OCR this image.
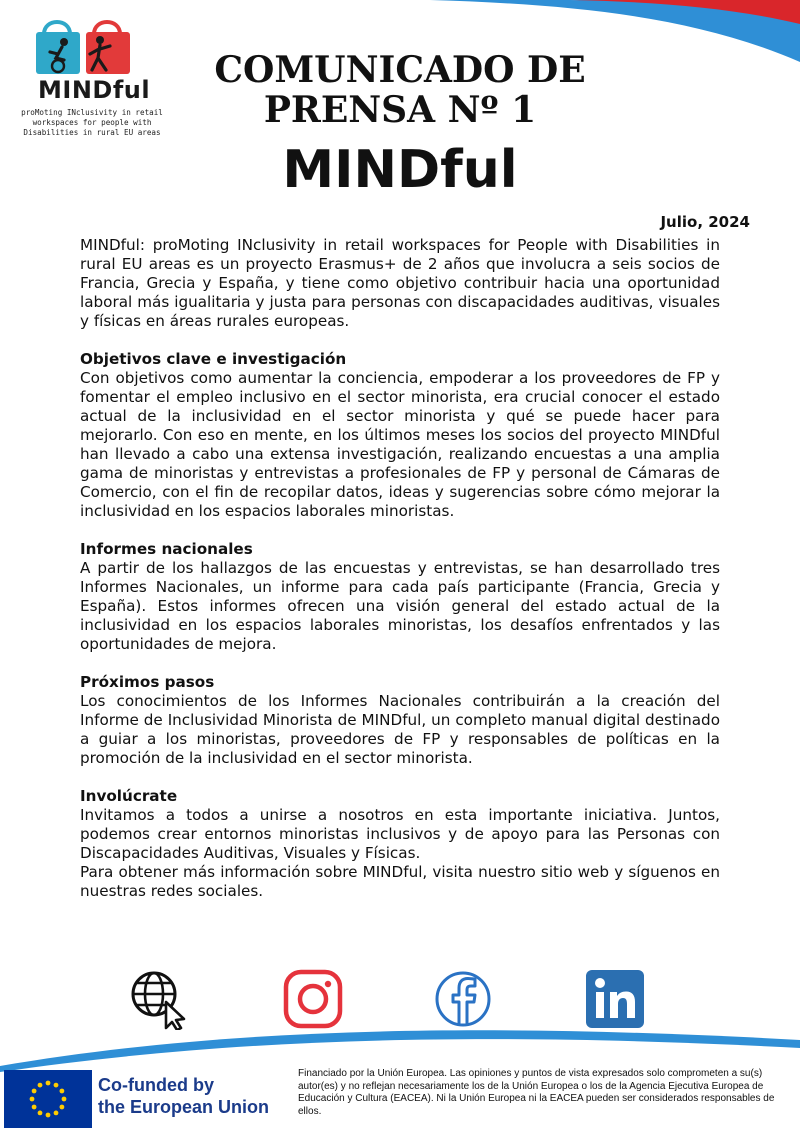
MINDful
proMoting INclusivity in retail
workspaces for people with
Disabilities in rural EU areas
COMUNICADO DE
PRENSA Nº 1
MINDful
Julio, 2024

MINDful: proMoting INclusivity in retail workspaces for People with Disabilities in rural EU areas es un proyecto Erasmus+ de 2 años que involucra a seis socios de Francia, Grecia y España, y tiene como objetivo contribuir hacia una oportunidad laboral más igualitaria y justa para personas con discapacidades auditivas, visuales y físicas en áreas rurales europeas.

Objetivos clave e investigación

Con objetivos como aumentar la conciencia, empoderar a los proveedores de FP y fomentar el empleo inclusivo en el sector minorista, era crucial conocer el estado actual de la inclusividad en el sector minorista y qué se puede hacer para mejorarlo. Con eso en mente, en los últimos meses los socios del proyecto MINDful han llevado a cabo una extensa investigación, realizando encuestas a una amplia gama de minoristas y entrevistas a profesionales de FP y personal de Cámaras de Comercio, con el fin de recopilar datos, ideas y sugerencias sobre cómo mejorar la inclusividad en los espacios laborales minoristas.

Informes nacionales

A partir de los hallazgos de las encuestas y entrevistas, se han desarrollado tres Informes Nacionales, un informe para cada país participante (Francia, Grecia y España). Estos informes ofrecen una visión general del estado actual de la inclusividad en los espacios laborales minoristas, los desafíos enfrentados y las oportunidades de mejora.

Próximos pasos

Los conocimientos de los Informes Nacionales contribuirán a la creación del Informe de Inclusividad Minorista de MINDful, un completo manual digital destinado a guiar a los minoristas, proveedores de FP y responsables de políticas en la promoción de la inclusividad en el sector minorista.

Involúcrate

Invitamos a todos a unirse a nosotros en esta importante iniciativa. Juntos, podemos crear entornos minoristas inclusivos y de apoyo para las Personas con Discapacidades Auditivas, Visuales y Físicas.

Para obtener más información sobre MINDful, visita nuestro sitio web y síguenos en nuestras redes sociales.

Co-funded by
the European Union
Financiado por la Unión Europea. Las opiniones y puntos de vista expresados solo comprometen a su(s) autor(es) y no reflejan necesariamente los de la Unión Europea o los de la Agencia Ejecutiva Europea de Educación y Cultura (EACEA). Ni la Unión Europea ni la EACEA pueden ser considerados responsables de ellos.
